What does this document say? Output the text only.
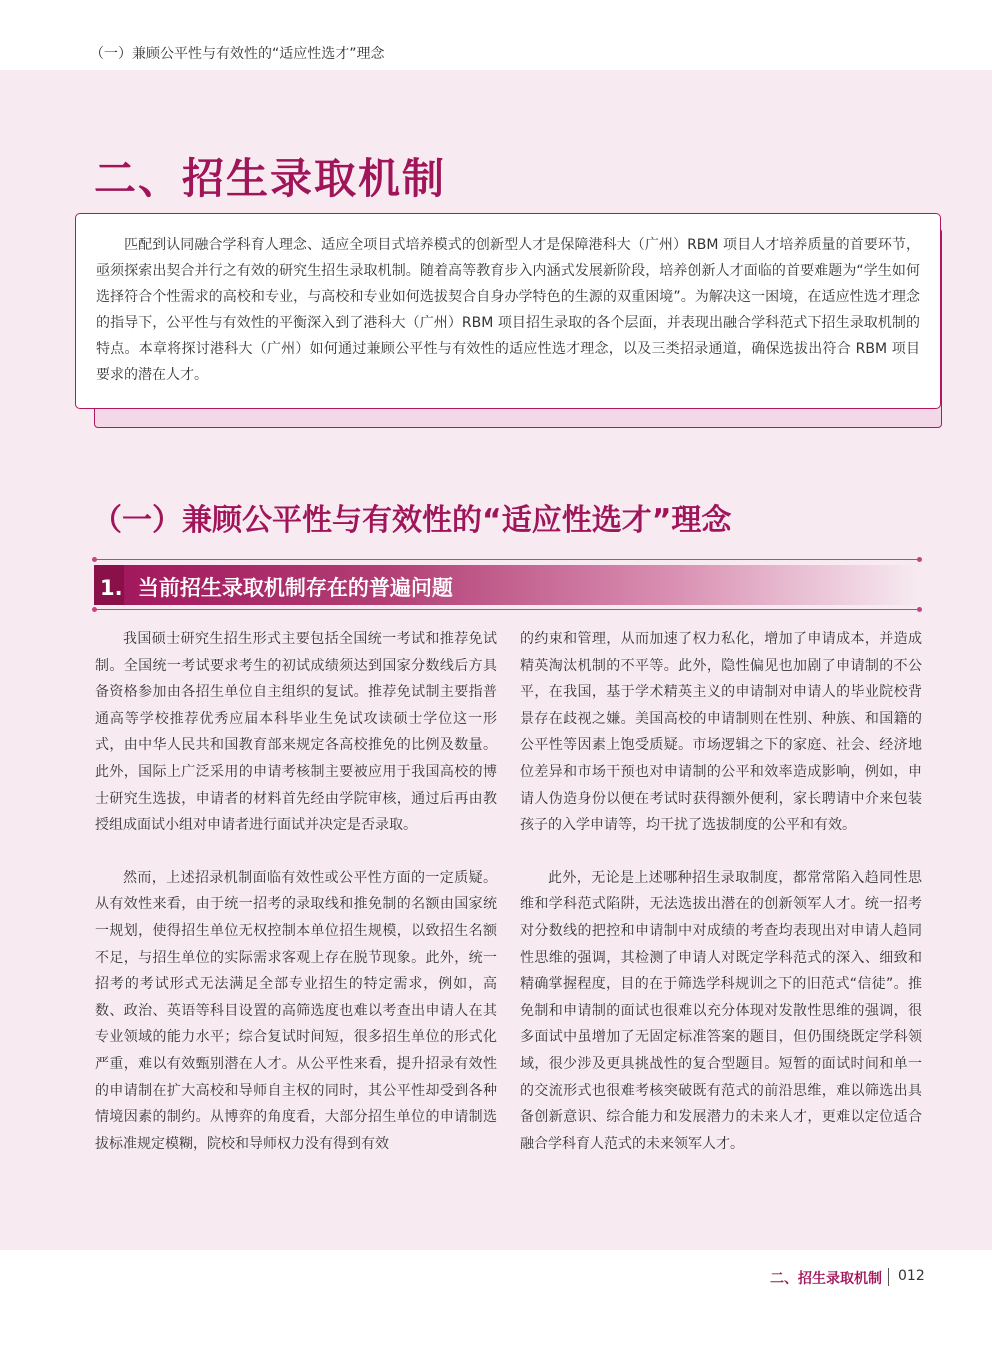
（一）兼顾公平性与有效性的“适应性选才”理念
二、招生录取机制

匹配到认同融合学科育人理念、适应全项目式培养模式的创新型人才是保障港科大（广州）RBM 项目人才培养质量的首要环节，亟须探索出契合并行之有效的研究生招生录取机制。随着高等教育步入内涵式发展新阶段，培养创新人才面临的首要难题为“学生如何选择符合个性需求的高校和专业，与高校和专业如何选拔契合自身办学特色的生源的双重困境”。为解决这一困境，在适应性选才理念的指导下，公平性与有效性的平衡深入到了港科大（广州）RBM 项目招生录取的各个层面，并表现出融合学科范式下招生录取机制的特点。本章将探讨港科大（广州）如何通过兼顾公平性与有效性的适应性选才理念，以及三类招录通道，确保选拔出符合 RBM 项目要求的潜在人才。

（一）兼顾公平性与有效性的“适应性选才”理念
1. 当前招生录取机制存在的普遍问题

我国硕士研究生招生形式主要包括全国统一考试和推荐免试制。全国统一考试要求考生的初试成绩须达到国家分数线后方具备资格参加由各招生单位自主组织的复试。推荐免试制主要指普通高等学校推荐优秀应届本科毕业生免试攻读硕士学位这一形式，由中华人民共和国教育部来规定各高校推免的比例及数量。此外，国际上广泛采用的申请考核制主要被应用于我国高校的博士研究生选拔，申请者的材料首先经由学院审核，通过后再由教授组成面试小组对申请者进行面试并决定是否录取。

然而，上述招录机制面临有效性或公平性方面的一定质疑。从有效性来看，由于统一招考的录取线和推免制的名额由国家统一规划，使得招生单位无权控制本单位招生规模，以致招生名额不足，与招生单位的实际需求客观上存在脱节现象。此外，统一招考的考试形式无法满足全部专业招生的特定需求，例如，高数、政治、英语等科目设置的高筛选度也难以考查出申请人在其专业领域的能力水平；综合复试时间短，很多招生单位的形式化严重，难以有效甄别潜在人才。从公平性来看，提升招录有效性的申请制在扩大高校和导师自主权的同时，其公平性却受到各种情境因素的制约。从博弈的角度看，大部分招生单位的申请制选拔标准规定模糊，院校和导师权力没有得到有效

的约束和管理，从而加速了权力私化，增加了申请成本，并造成精英淘汰机制的不平等。此外，隐性偏见也加剧了申请制的不公平，在我国，基于学术精英主义的申请制对申请人的毕业院校背景存在歧视之嫌。美国高校的申请制则在性别、种族、和国籍的公平性等因素上饱受质疑。市场逻辑之下的家庭、社会、经济地位差异和市场干预也对申请制的公平和效率造成影响，例如，申请人伪造身份以便在考试时获得额外便利，家长聘请中介来包装孩子的入学申请等，均干扰了选拔制度的公平和有效。

此外，无论是上述哪种招生录取制度，都常常陷入趋同性思维和学科范式陷阱，无法选拔出潜在的创新领军人才。统一招考对分数线的把控和申请制中对成绩的考查均表现出对申请人趋同性思维的强调，其检测了申请人对既定学科范式的深入、细致和精确掌握程度，目的在于筛选学科规训之下的旧范式“信徒”。推免制和申请制的面试也很难以充分体现对发散性思维的强调，很多面试中虽增加了无固定标准答案的题目，但仍围绕既定学科领域，很少涉及更具挑战性的复合型题目。短暂的面试时间和单一的交流形式也很难考核突破既有范式的前沿思维，难以筛选出具备创新意识、综合能力和发展潜力的未来人才，更难以定位适合融合学科育人范式的未来领军人才。

二、招生录取机制 012
